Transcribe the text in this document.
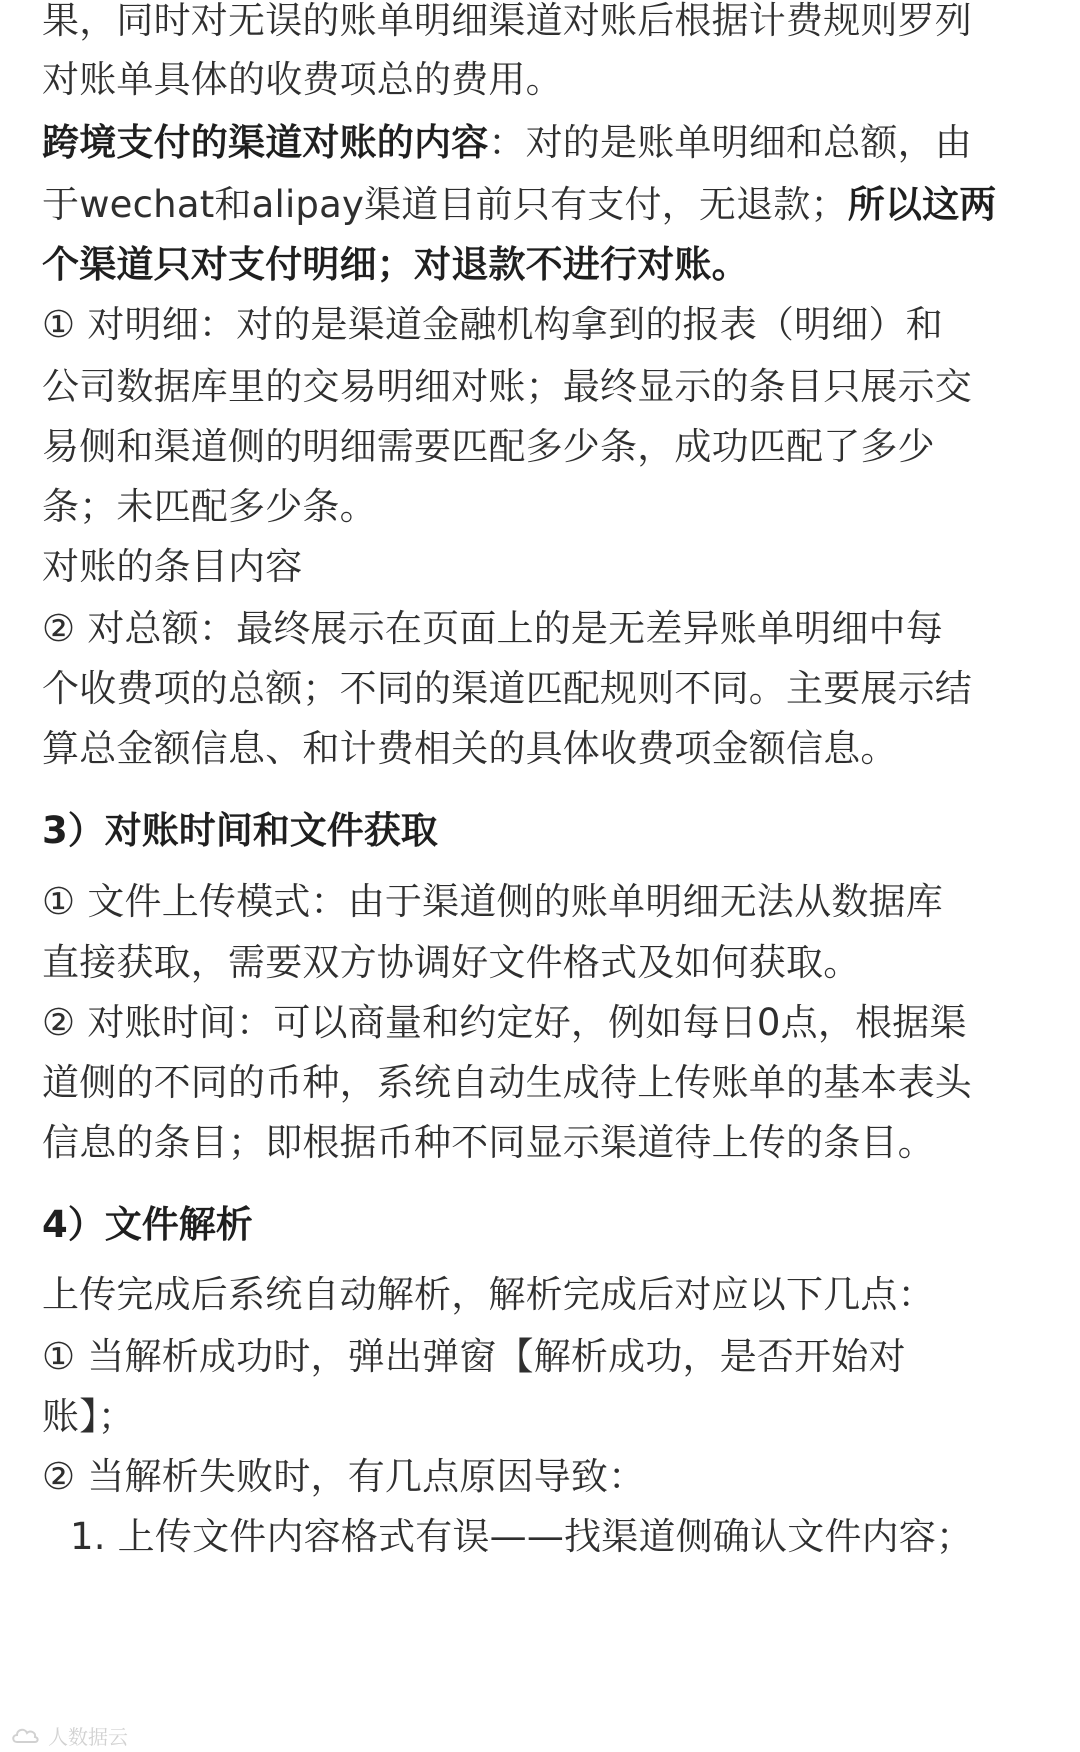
果，同时对无误的账单明细渠道对账后根据计费规则罗列
对账单具体的收费项总的费用。
跨境支付的渠道对账的内容：对的是账单明细和总额，由
于wechat和alipay渠道目前只有支付，无退款；所以这两
个渠道只对支付明细；对退款不进行对账。
① 对明细：对的是渠道金融机构拿到的报表（明细）和
公司数据库里的交易明细对账；最终显示的条目只展示交
易侧和渠道侧的明细需要匹配多少条，成功匹配了多少
条；未匹配多少条。
对账的条目内容
② 对总额：最终展示在页面上的是无差异账单明细中每
个收费项的总额；不同的渠道匹配规则不同。主要展示结
算总金额信息、和计费相关的具体收费项金额信息。
3）对账时间和文件获取
① 文件上传模式：由于渠道侧的账单明细无法从数据库
直接获取，需要双方协调好文件格式及如何获取。
② 对账时间：可以商量和约定好，例如每日0点，根据渠
道侧的不同的币种，系统自动生成待上传账单的基本表头
信息的条目；即根据币种不同显示渠道待上传的条目。
4）文件解析
上传完成后系统自动解析，解析完成后对应以下几点：
① 当解析成功时，弹出弹窗【解析成功，是否开始对
账】；
② 当解析失败时，有几点原因导致：
1. 上传文件内容格式有误——找渠道侧确认文件内容；
人数据云
